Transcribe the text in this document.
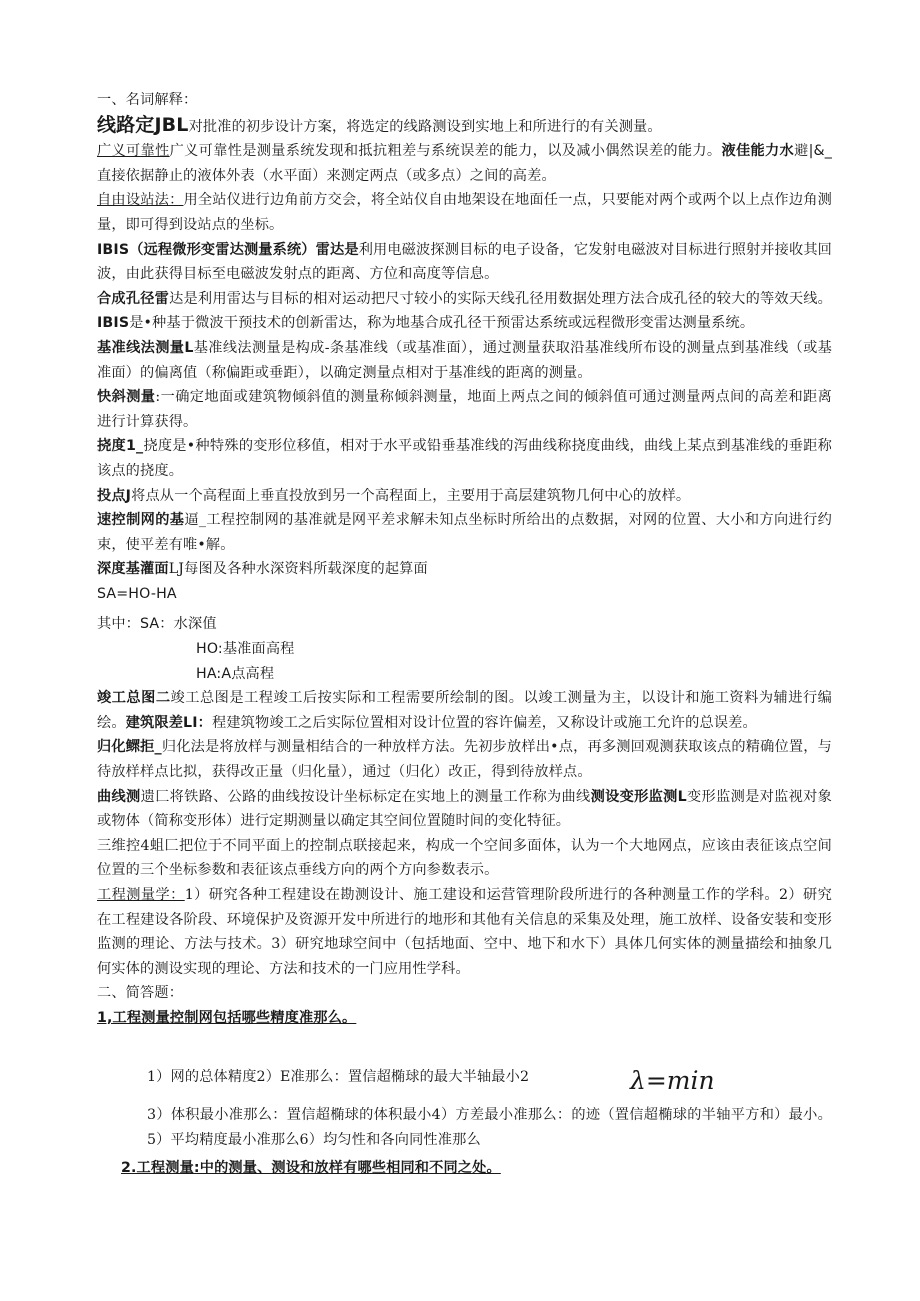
一、名词解释：

线路定JBL对批准的初步设计方案，将选定的线路测设到实地上和所进行的有关测量。

广义可靠性广义可靠性是测量系统发现和抵抗粗差与系统误差的能力，以及减小偶然误差的能力。液佳能力水避|&_直接依据静止的液体外表（水平面）来测定两点（或多点）之间的高差。

自由设站法：用全站仪进行边角前方交会，将全站仪自由地架设在地面任一点，只要能对两个或两个以上点作边角测量，即可得到设站点的坐标。

IBIS（远程微形变雷达测量系统）雷达是利用电磁波探测目标的电子设备，它发射电磁波对目标进行照射并接收其回波，由此获得目标至电磁波发射点的距离、方位和高度等信息。

合成孔径雷达是利用雷达与目标的相对运动把尺寸较小的实际天线孔径用数据处理方法合成孔径的较大的等效天线。IBIS是•种基于微波干预技术的创新雷达，称为地基合成孔径干预雷达系统或远程微形变雷达测量系统。

基准线法测量L基准线法测量是构成-条基准线（或基准面），通过测量获取沿基准线所布设的测量点到基准线（或基准面）的偏离值（称偏距或垂距），以确定测量点相对于基准线的距离的测量。

快斜测量:一确定地面或建筑物倾斜值的测量称倾斜测量，地面上两点之间的倾斜值可通过测量两点间的高差和距离进行计算获得。

挠度1_挠度是•种特殊的变形位移值，相对于水平或铅垂基准线的泻曲线称挠度曲线，曲线上某点到基准线的垂距称该点的挠度。

投点J将点从一个高程面上垂直投放到另一个高程面上，主要用于高层建筑物几何中心的放样。

速控制网的基逼_工程控制网的基准就是网平差求解未知点坐标时所给出的点数据，对网的位置、大小和方向进行约束，使平差有唯•解。

深度基灌面LJ每图及各种水深资料所载深度的起算面

SA=HO-HA

其中：SA：水深值

HO:基准面高程

HA:A点高程

竣工总图二竣工总图是工程竣工后按实际和工程需要所绘制的图。以竣工测量为主，以设计和施工资料为辅进行编绘。建筑限差LI：程建筑物竣工之后实际位置相对设计位置的容许偏差，又称设计或施工允许的总误差。

归化鳏拒_归化法是将放样与测量相结合的一种放样方法。先初步放样出•点，再多测回观测获取该点的精确位置，与待放样样点比拟，获得改正量（归化量），通过（归化）改正，得到待放样点。

曲线测遗匚将铁路、公路的曲线按设计坐标标定在实地上的测量工作称为曲线测设变形监测L变形监测是对监视对象或物体（简称变形体）进行定期测量以确定其空间位置随时间的变化特征。

三维控4蛆匚把位于不同平面上的控制点联接起来，构成一个空间多面体，认为一个大地网点，应该由表征该点空间位置的三个坐标参数和表征该点垂线方向的两个方向参数表示。

工程测量学：1）研究各种工程建设在勘测设计、施工建设和运营管理阶段所进行的各种测量工作的学科。2）研究在工程建设各阶段、环境保护及资源开发中所进行的地形和其他有关信息的采集及处理，施工放样、设备安装和变形监测的理论、方法与技术。3）研究地球空间中（包括地面、空中、地下和水下）具体几何实体的测量描绘和抽象几何实体的测设实现的理论、方法和技术的一门应用性学科。

二、简答题：

1,工程测量控制网包括哪些精度准那么。

1）网的总体精度2）E准那么：置信超椭球的最大半轴最小2

3）体积最小准那么：置信超椭球的体积最小4）方差最小准那么：的迹（置信超椭球的半轴平方和）最小。5）平均精度最小准那么6）均匀性和各向同性准那么

2.工程测量:中的测量、测设和放样有哪些相同和不同之处。

λ=min
